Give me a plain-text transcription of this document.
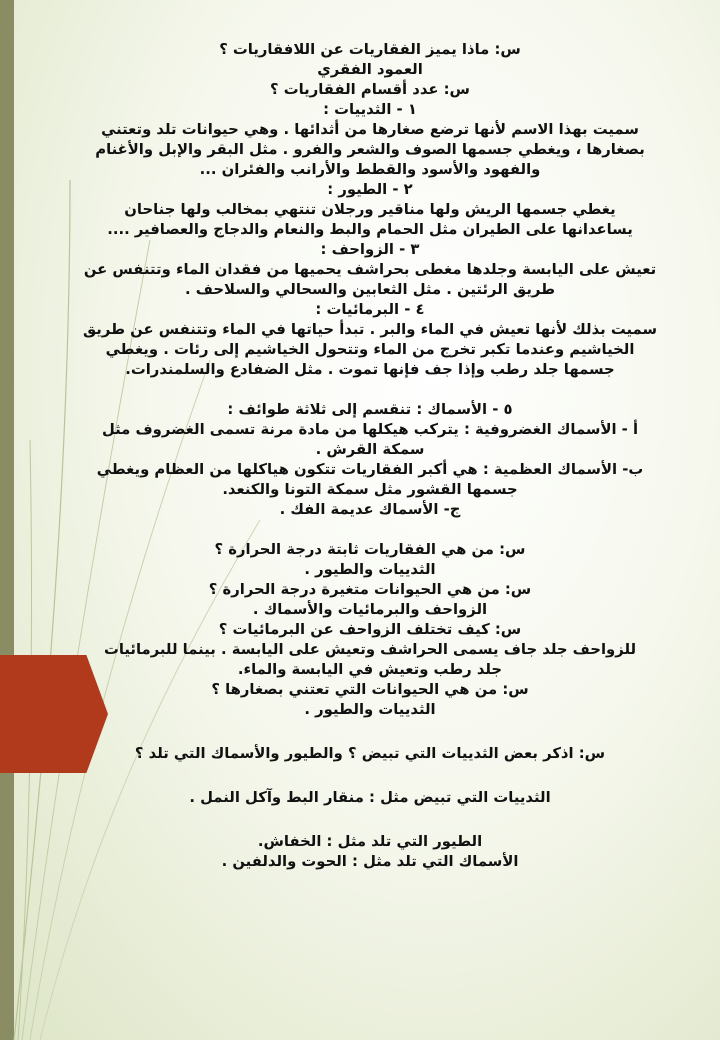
س: ماذا يميز الفقاريات عن اللافقاريات ؟

العمود الفقري

س: عدد أقسام الفقاريات ؟

١ - الثدييات :

سميت بهذا الاسم لأنها ترضع صغارها من أثدائها . وهي حيوانات تلد وتعتني

بصغارها ، ويغطي جسمها الصوف والشعر والفرو . مثل البقر والإبل والأغنام

والفهود والأسود والقطط والأرانب والفئران ...

٢ - الطيور :

يغطي جسمها الريش ولها مناقير ورجلان تنتهي بمخالب ولها جناحان

يساعدانها على الطيران مثل الحمام والبط والنعام والدجاج والعصافير ....

٣ - الزواحف :

تعيش على اليابسة وجلدها مغطى بحراشف يحميها من فقدان الماء وتتنفس عن

طريق الرئتين . مثل الثعابين والسحالي والسلاحف .

٤ - البرمائيات :

سميت بذلك لأنها تعيش في الماء والبر . تبدأ حياتها في الماء وتتنفس عن طريق

الخياشيم وعندما تكبر تخرج من الماء وتتحول الخياشيم إلى رئات . ويغطي

جسمها جلد رطب وإذا جف فإنها تموت . مثل الضفادع والسلمندرات.

٥ - الأسماك : تنقسم إلى ثلاثة طوائف :

أ - الأسماك الغضروفية : يتركب هيكلها من مادة مرنة تسمى الغضروف مثل

سمكة القرش .

ب- الأسماك العظمية : هي أكبر الفقاريات تتكون هياكلها من العظام ويغطي

جسمها القشور مثل سمكة التونا والكنعد.

ج- الأسماك عديمة الفك .

س: من هي الفقاريات ثابتة درجة الحرارة ؟

الثدييات والطيور .

س: من هي الحيوانات متغيرة درجة الحرارة ؟

الزواحف والبرمائيات والأسماك .

س: كيف تختلف الزواحف عن البرمائيات ؟

للزواحف جلد جاف يسمى الحراشف وتعيش على اليابسة . بينما للبرمائيات

جلد رطب وتعيش في اليابسة والماء.

س: من هي الحيوانات التي تعتني بصغارها ؟

الثدييات والطيور .

س: اذكر بعض الثدييات التي تبيض ؟ والطيور والأسماك التي تلد ؟

الثدييات التي تبيض مثل : منقار البط وآكل النمل .

الطيور التي تلد مثل : الخفاش.

الأسماك التي تلد مثل : الحوت والدلفين .
